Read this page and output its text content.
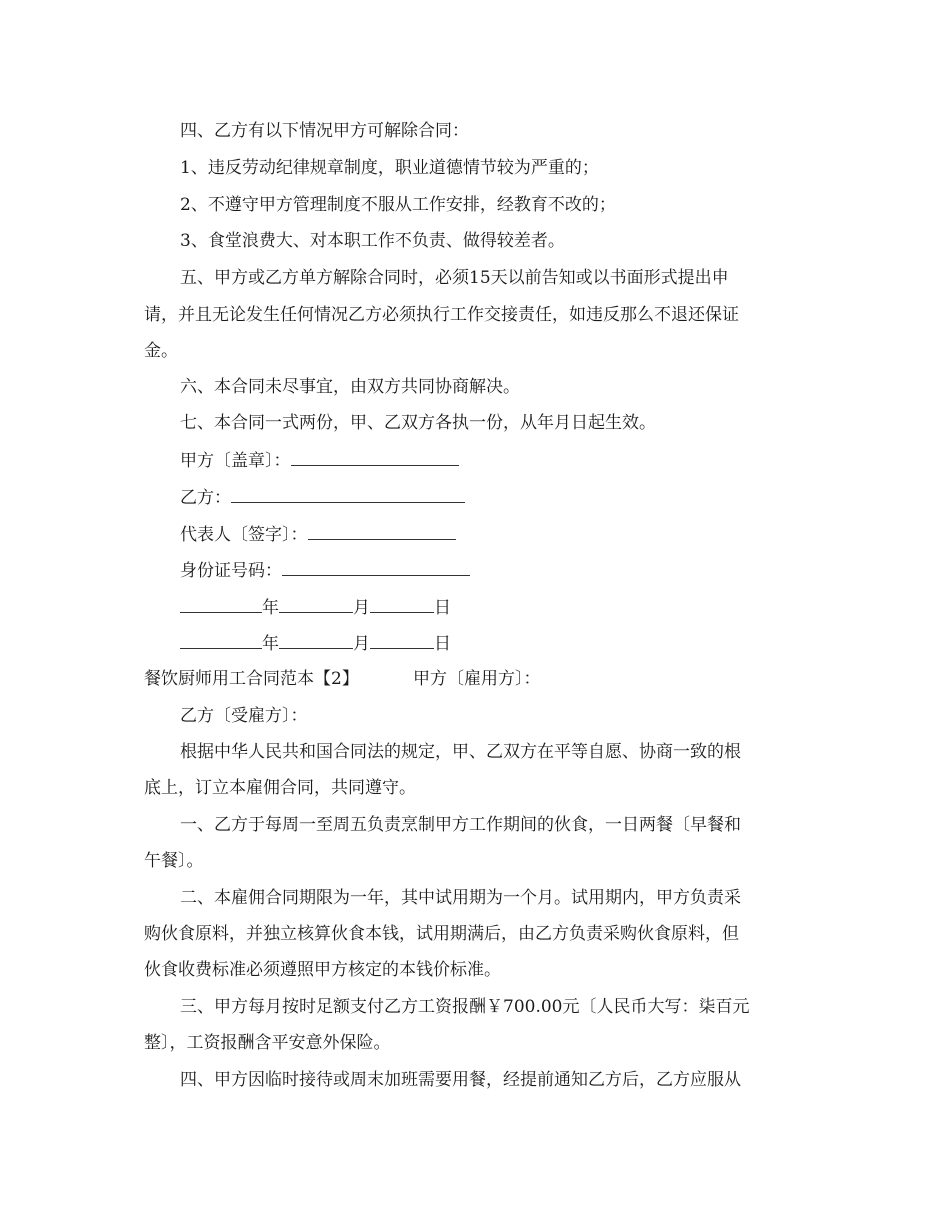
四、乙方有以下情况甲方可解除合同：
1、违反劳动纪律规章制度，职业道德情节较为严重的；
2、不遵守甲方管理制度不服从工作安排，经教育不改的；
3、食堂浪费大、对本职工作不负责、做得较差者。
五、甲方或乙方单方解除合同时，必须15天以前告知或以书面形式提出申
请，并且无论发生任何情况乙方必须执行工作交接责任，如违反那么不退还保证
金。
六、本合同未尽事宜，由双方共同协商解决。
七、本合同一式两份，甲、乙双方各执一份，从年月日起生效。
甲方〔盖章〕：
乙方：
代表人〔签字〕：
身份证号码：
年	月	日
年	月	日
餐饮厨师用工合同范本【2】	甲方〔雇用方〕：
乙方〔受雇方〕：
根据中华人民共和国合同法的规定，甲、乙双方在平等自愿、协商一致的根
底上，订立本雇佣合同，共同遵守。
一、乙方于每周一至周五负责烹制甲方工作期间的伙食，一日两餐〔早餐和
午餐〕。
二、本雇佣合同期限为一年，其中试用期为一个月。试用期内，甲方负责采
购伙食原料，并独立核算伙食本钱，试用期满后，由乙方负责采购伙食原料，但
伙食收费标准必须遵照甲方核定的本钱价标准。
三、甲方每月按时足额支付乙方工资报酬￥700.00元〔人民币大写：柒百元
整〕，工资报酬含平安意外保险。
四、甲方因临时接待或周末加班需要用餐，经提前通知乙方后，乙方应服从
